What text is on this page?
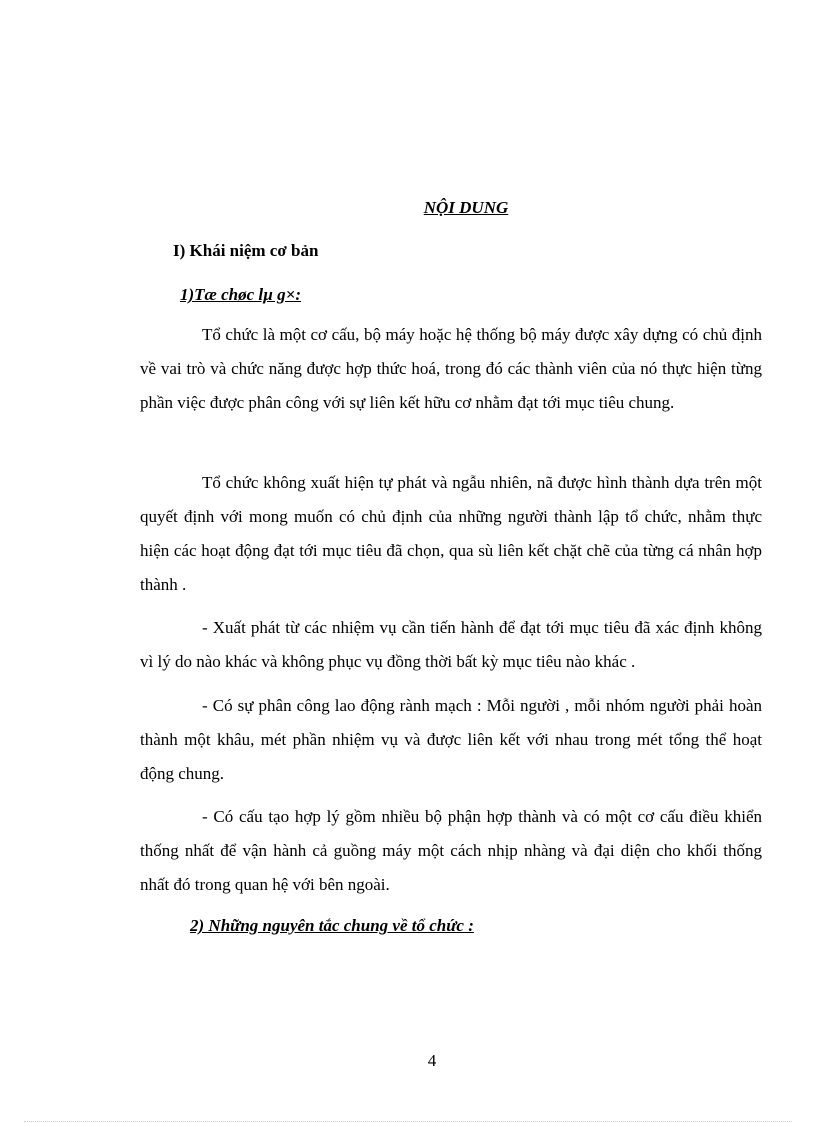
NỘI DUNG
I) Khái niệm cơ bản
1)Tæ chøc lµ g×:

Tổ chức là một cơ cấu, bộ máy hoặc hệ thống bộ máy được xây dựng có chủ định về vai trò và chức năng được hợp thức hoá, trong đó các thành viên của nó thực hiện từng phần việc được phân công với sự liên kết hữu cơ nhằm đạt tới mục tiêu chung.

Tổ chức không xuất hiện tự phát và ngẫu nhiên, nã được hình thành dựa trên một quyết định với mong muốn có chủ định của những người thành lập tổ chức, nhằm thực hiện các hoạt động đạt tới mục tiêu đã chọn, qua sù liên kết chặt chẽ của từng cá nhân hợp thành .

- Xuất phát từ các nhiệm vụ cần tiến hành để đạt tới mục tiêu đã xác định không vì lý do nào khác và không phục vụ đồng thời bất kỳ mục tiêu nào khác .

- Có sự phân công lao động rành mạch : Mỗi người , mỗi nhóm người phải hoàn thành một khâu, mét phần nhiệm vụ và được liên kết với nhau trong mét tổng thể hoạt động chung.

- Có cấu tạo hợp lý gồm nhiều bộ phận hợp thành và có một cơ cấu điều khiển thống nhất để vận hành cả guồng máy một cách nhịp nhàng và đại diện cho khối thống nhất đó trong quan hệ với bên ngoài.

2) Những nguyên tắc chung về tổ chức :
4
